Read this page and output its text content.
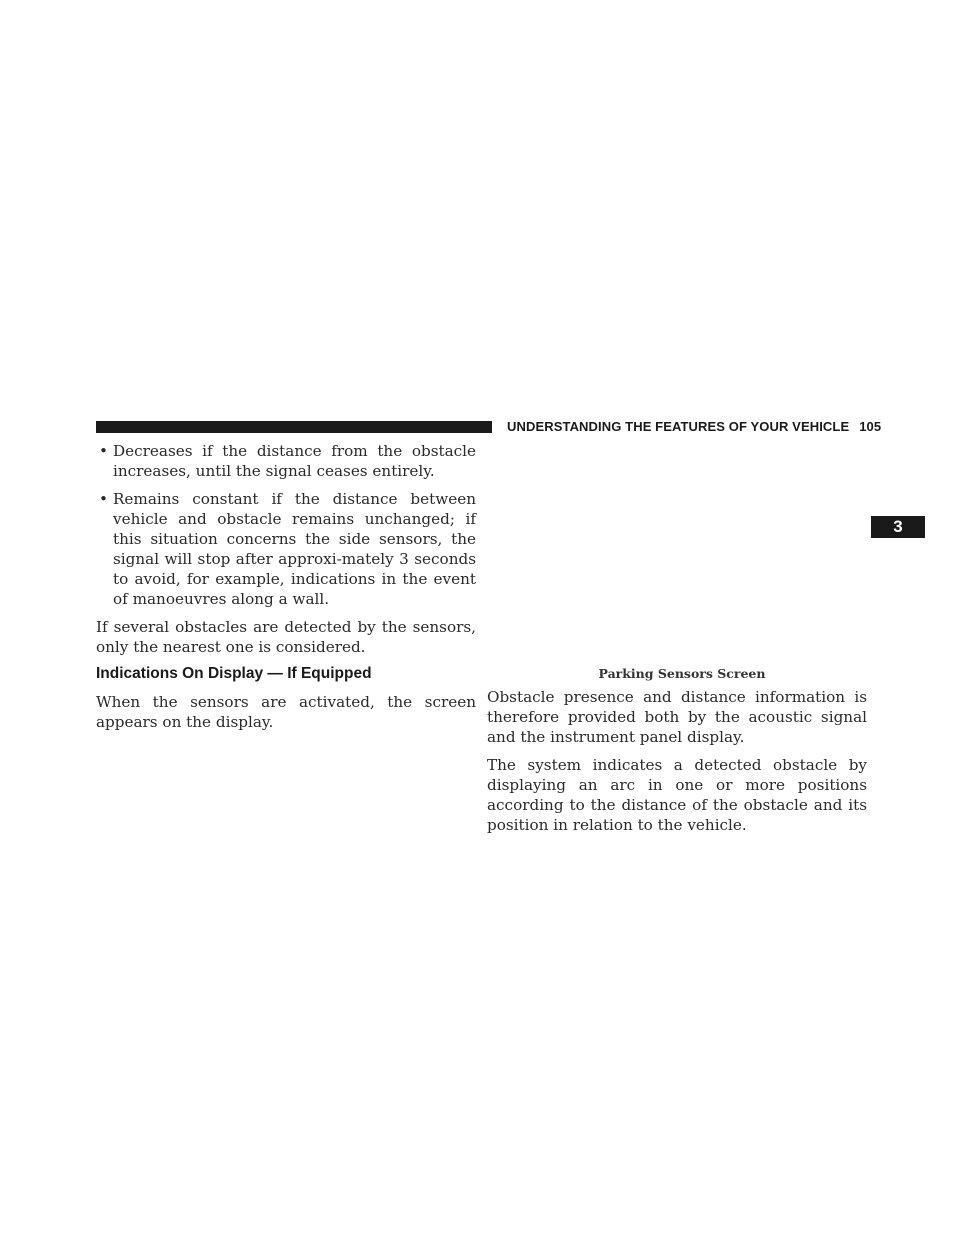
UNDERSTANDING THE FEATURES OF YOUR VEHICLE 105
3
• Decreases if the distance from the obstacle increases, until the signal ceases entirely.
• Remains constant if the distance between vehicle and obstacle remains unchanged; if this situation concerns the side sensors, the signal will stop after approxi-mately 3 seconds to avoid, for example, indications in the event of manoeuvres along a wall.

If several obstacles are detected by the sensors, only the nearest one is considered.

Indications On Display — If Equipped

When the sensors are activated, the screen appears on the display.

Parking Sensors Screen

Obstacle presence and distance information is therefore provided both by the acoustic signal and the instrument panel display.

The system indicates a detected obstacle by displaying an arc in one or more positions according to the distance of the obstacle and its position in relation to the vehicle.
